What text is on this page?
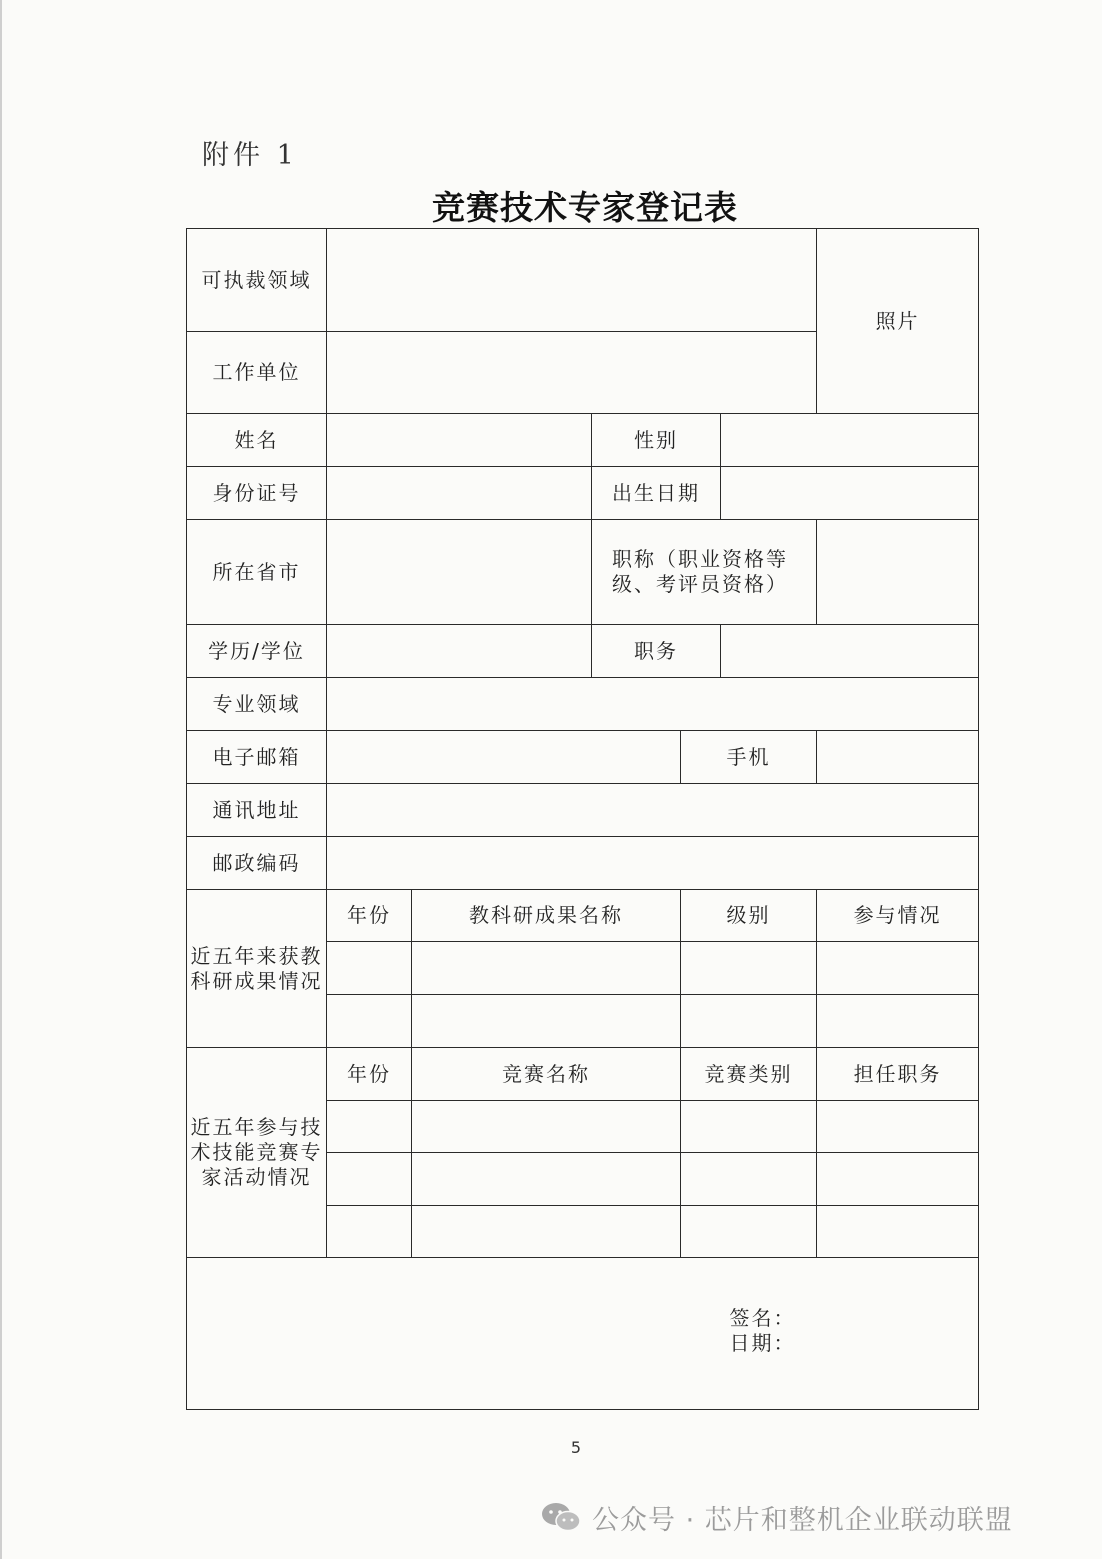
附件 1
竞赛技术专家登记表
可执裁领域						照片
工作单位						
姓名			性别			
身份证号			出生日期			
所在省市			职称（职业资格等级、考评员资格）			
学历/学位			职务			
专业领域						
电子邮箱				手机		
通讯地址						
邮政编码						
近五年来获教科研成果情况	年份	教科研成果名称		级别		参与情况

近五年参与技术技能竞赛专家活动情况	年份	竞赛名称		竞赛类别		担任职务

签名：
日期：						
5
公众号 · 芯片和整机企业联动联盟
